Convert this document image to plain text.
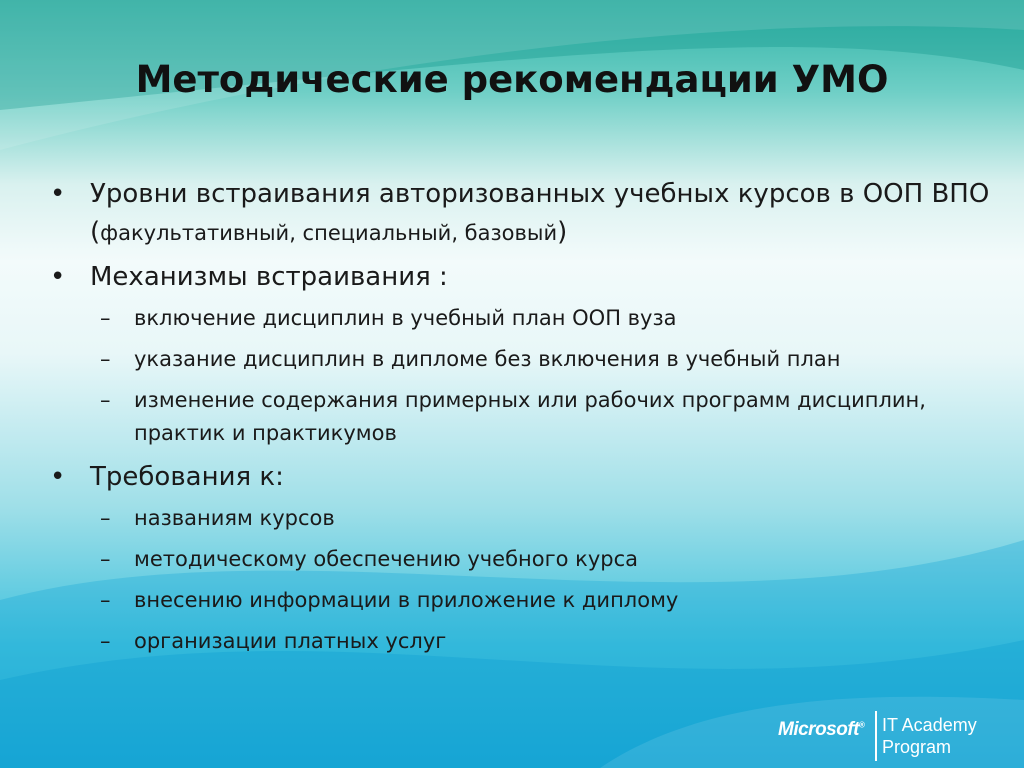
Методические рекомендации УМО

• Уровни встраивания авторизованных учебных курсов в ООП ВПО (факультативный, специальный, базовый)

• Механизмы встраивания :

– включение дисциплин в учебный план ООП вуза

– указание дисциплин в дипломе без включения в учебный план

– изменение содержания примерных или рабочих программ дисциплин, практик и практикумов

• Требования к:

– названиям курсов

– методическому обеспечению учебного курса

– внесению информации в приложение к диплому

– организации платных услуг

Microsoft® IT Academy
Program
